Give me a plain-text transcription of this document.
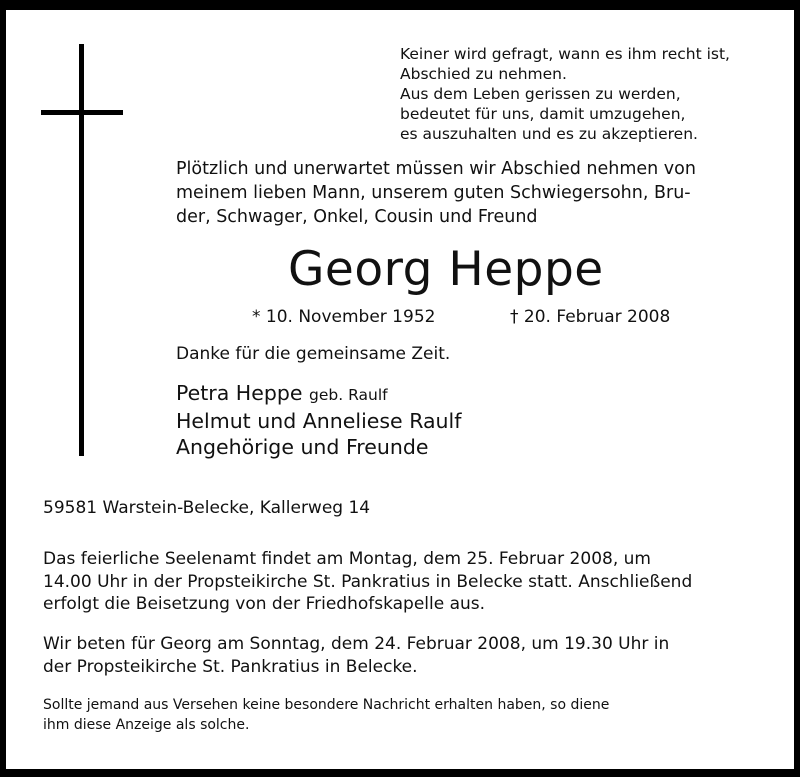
Keiner wird gefragt, wann es ihm recht ist,
Abschied zu nehmen.
Aus dem Leben gerissen zu werden,
bedeutet für uns, damit umzugehen,
es auszuhalten und es zu akzeptieren.
Plötzlich und unerwartet müssen wir Abschied nehmen von
meinem lieben Mann, unserem guten Schwiegersohn, Bru-
der, Schwager, Onkel, Cousin und Freund
Georg Heppe
* 10. November 1952	† 20. Februar 2008
Danke für die gemeinsame Zeit.
Petra Heppe geb. Raulf
Helmut und Anneliese Raulf
Angehörige und Freunde
59581 Warstein-Belecke, Kallerweg 14
Das feierliche Seelenamt findet am Montag, dem 25. Februar 2008, um
14.00 Uhr in der Propsteikirche St. Pankratius in Belecke statt. Anschließend
erfolgt die Beisetzung von der Friedhofskapelle aus.
Wir beten für Georg am Sonntag, dem 24. Februar 2008, um 19.30 Uhr in
der Propsteikirche St. Pankratius in Belecke.
Sollte jemand aus Versehen keine besondere Nachricht erhalten haben, so diene
ihm diese Anzeige als solche.
